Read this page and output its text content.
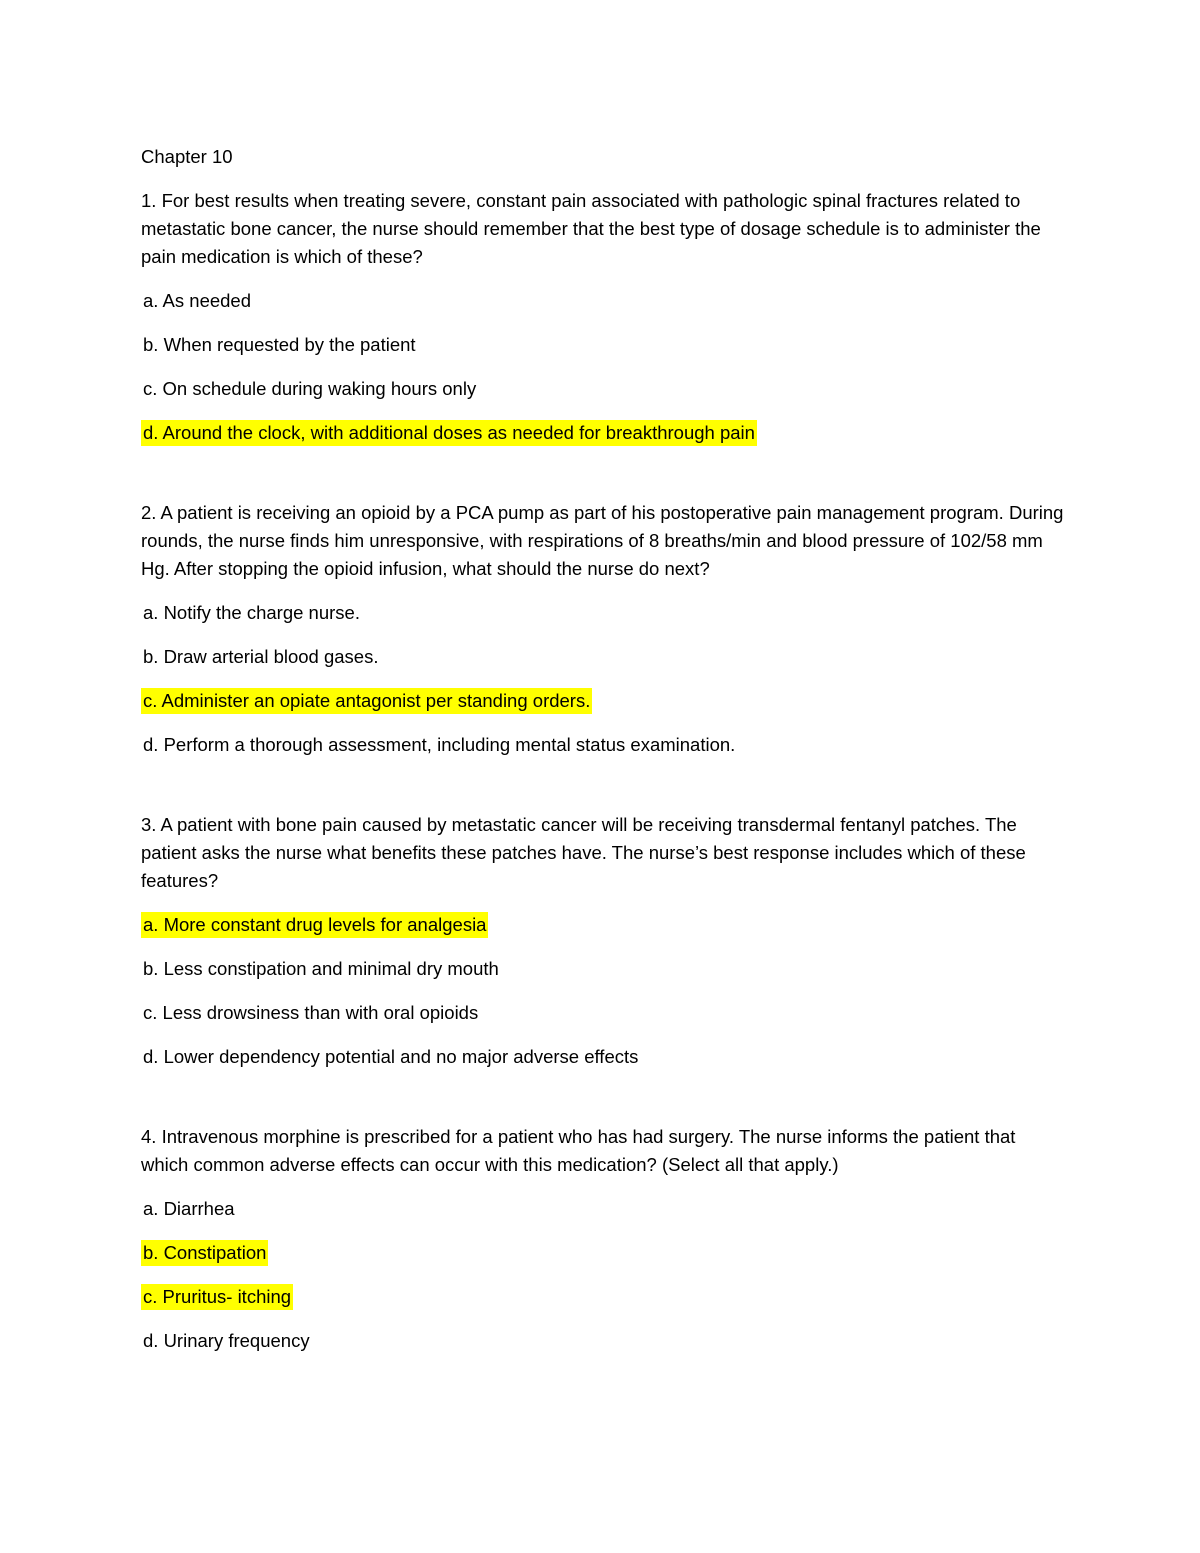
Chapter 10

1. For best results when treating severe, constant pain associated with pathologic spinal fractures related to metastatic bone cancer, the nurse should remember that the best type of dosage schedule is to administer the pain medication is which of these?

a. As needed

b. When requested by the patient

c. On schedule during waking hours only

d. Around the clock, with additional doses as needed for breakthrough pain

2. A patient is receiving an opioid by a PCA pump as part of his postoperative pain management program. During rounds, the nurse finds him unresponsive, with respirations of 8 breaths/min and blood pressure of 102/58 mm Hg. After stopping the opioid infusion, what should the nurse do next?

a. Notify the charge nurse.

b. Draw arterial blood gases.

c. Administer an opiate antagonist per standing orders.

d. Perform a thorough assessment, including mental status examination.

3. A patient with bone pain caused by metastatic cancer will be receiving transdermal fentanyl patches. The patient asks the nurse what benefits these patches have. The nurse’s best response includes which of these features?

a. More constant drug levels for analgesia

b. Less constipation and minimal dry mouth

c. Less drowsiness than with oral opioids

d. Lower dependency potential and no major adverse effects

4. Intravenous morphine is prescribed for a patient who has had surgery. The nurse informs the patient that which common adverse effects can occur with this medication? (Select all that apply.)

a. Diarrhea

b. Constipation

c. Pruritus- itching

d. Urinary frequency
